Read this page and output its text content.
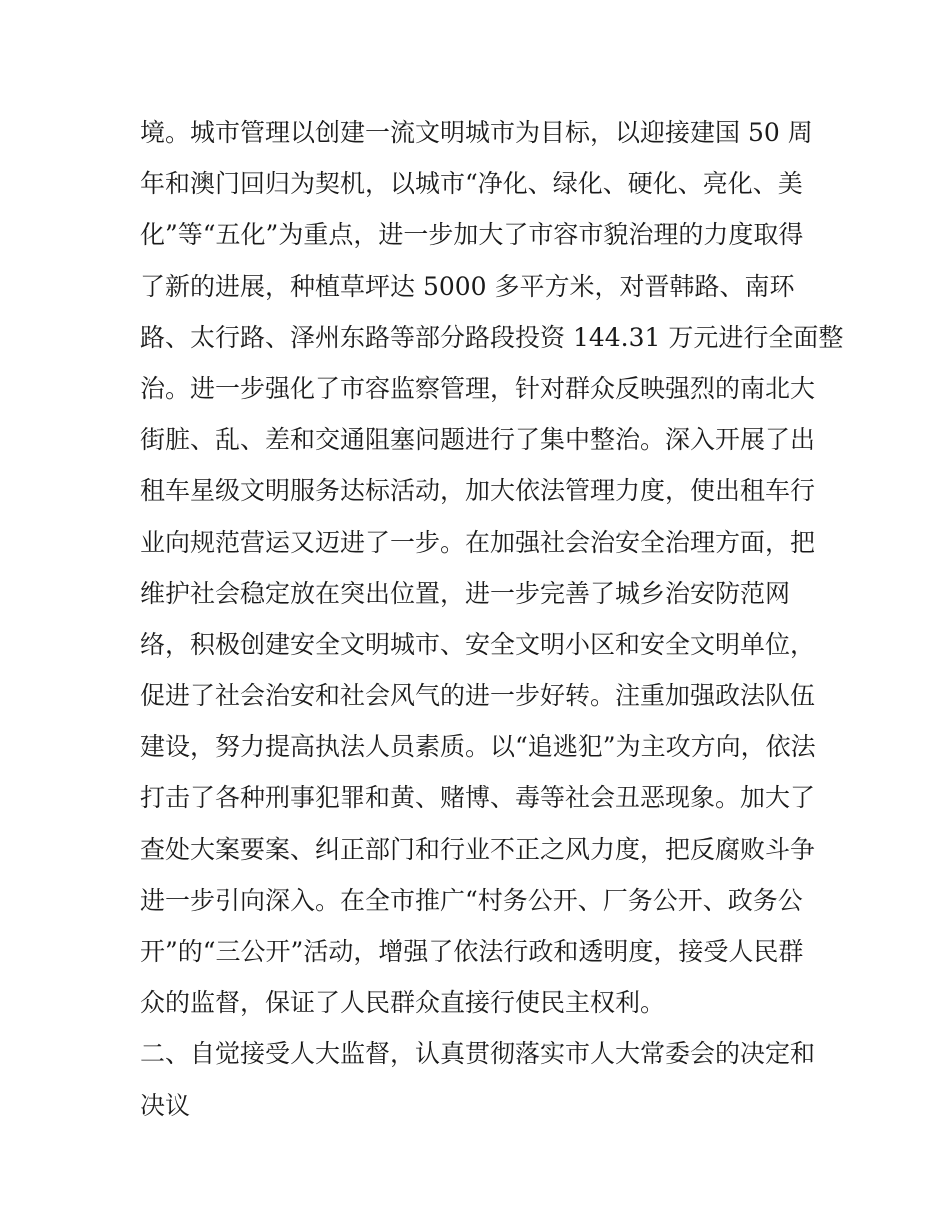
境。城市管理以创建一流文明城市为目标，以迎接建国 50 周
年和澳门回归为契机，以城市“净化、绿化、硬化、亮化、美
化”等“五化”为重点，进一步加大了市容市貌治理的力度取得
了新的进展，种植草坪达 5000 多平方米，对晋韩路、南环
路、太行路、泽州东路等部分路段投资 144.31 万元进行全面整
治。进一步强化了市容监察管理，针对群众反映强烈的南北大
街脏、乱、差和交通阻塞问题进行了集中整治。深入开展了出
租车星级文明服务达标活动，加大依法管理力度，使出租车行
业向规范营运又迈进了一步。在加强社会治安全治理方面，把
维护社会稳定放在突出位置，进一步完善了城乡治安防范网
络，积极创建安全文明城市、安全文明小区和安全文明单位，
促进了社会治安和社会风气的进一步好转。注重加强政法队伍
建设，努力提高执法人员素质。以“追逃犯”为主攻方向，依法
打击了各种刑事犯罪和黄、赌博、毒等社会丑恶现象。加大了
查处大案要案、纠正部门和行业不正之风力度，把反腐败斗争
进一步引向深入。在全市推广“村务公开、厂务公开、政务公
开”的“三公开”活动，增强了依法行政和透明度，接受人民群
众的监督，保证了人民群众直接行使民主权利。
二、自觉接受人大监督，认真贯彻落实市人大常委会的决定和
决议
